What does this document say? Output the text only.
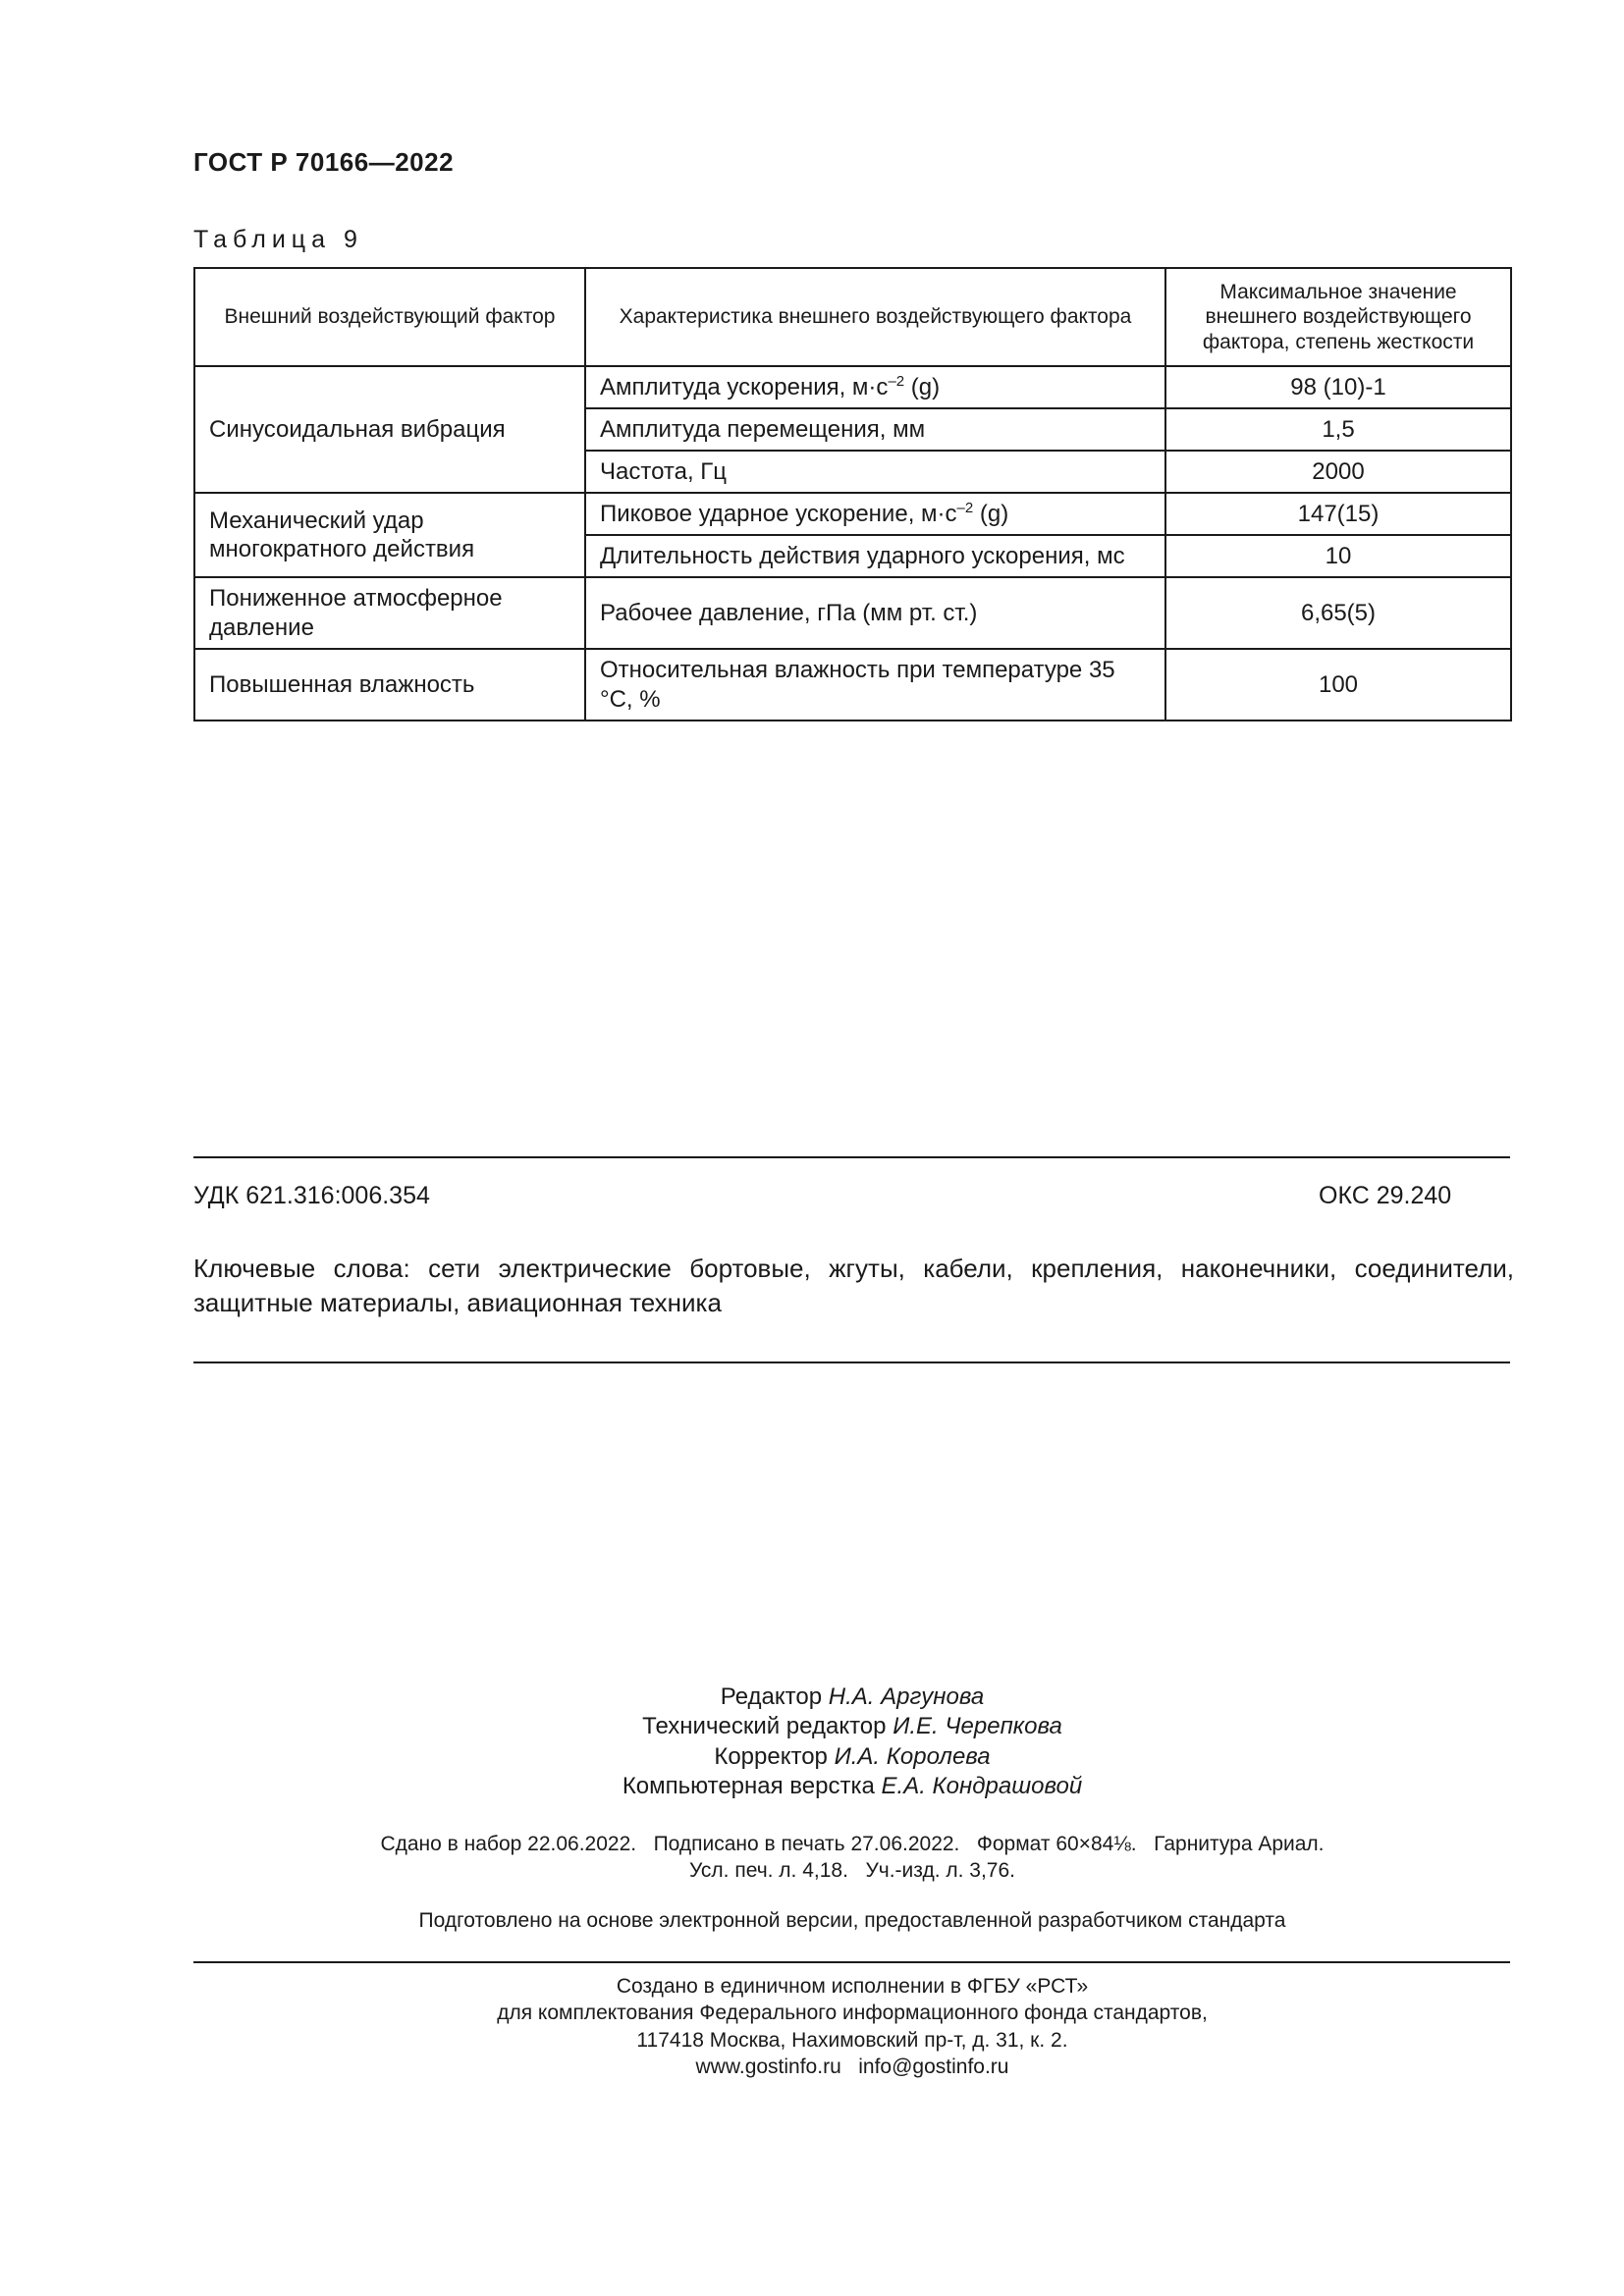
ГОСТ Р 70166—2022
Таблица 9
Внешний воздействующий фактор	Характеристика внешнего воздействующего фактора	Максимальное значение внешнего воздействующего фактора, степень жесткости
Синусоидальная вибрация	Амплитуда ускорения, $м\cdot с^{-2}$ (g)	98 (10)-1
	Амплитуда перемещения, мм	1,5
	Частота, Гц	2000
Механический удар многократного действия	Пиковое ударное ускорение, $м\cdot с^{-2}$ (g)	147(15)
	Длительность действия ударного ускорения, мс	10
Пониженное атмосферное давление	Рабочее давление, гПа (мм рт. ст.)	6,65(5)
Повышенная влажность	Относительная влажность при температуре 35 °С, %	100
УДК 621.316:006.354	ОКС 29.240
Ключевые слова: сети электрические бортовые, жгуты, кабели, крепления, наконечники, соединители, защитные материалы, авиационная техника
Редактор Н.А. Аргунова
Технический редактор И.Е. Черепкова
Корректор И.А. Королева
Компьютерная верстка Е.А. Кондрашовой
Сдано в набор 22.06.2022.   Подписано в печать 27.06.2022.   Формат 60×84⅛.   Гарнитура Ариал.
Усл. печ. л. 4,18.   Уч.-изд. л. 3,76.
Подготовлено на основе электронной версии, предоставленной разработчиком стандарта
Создано в единичном исполнении в ФГБУ «РСТ»
для комплектования Федерального информационного фонда стандартов,
117418 Москва, Нахимовский пр-т, д. 31, к. 2.
www.gostinfo.ru   info@gostinfo.ru
